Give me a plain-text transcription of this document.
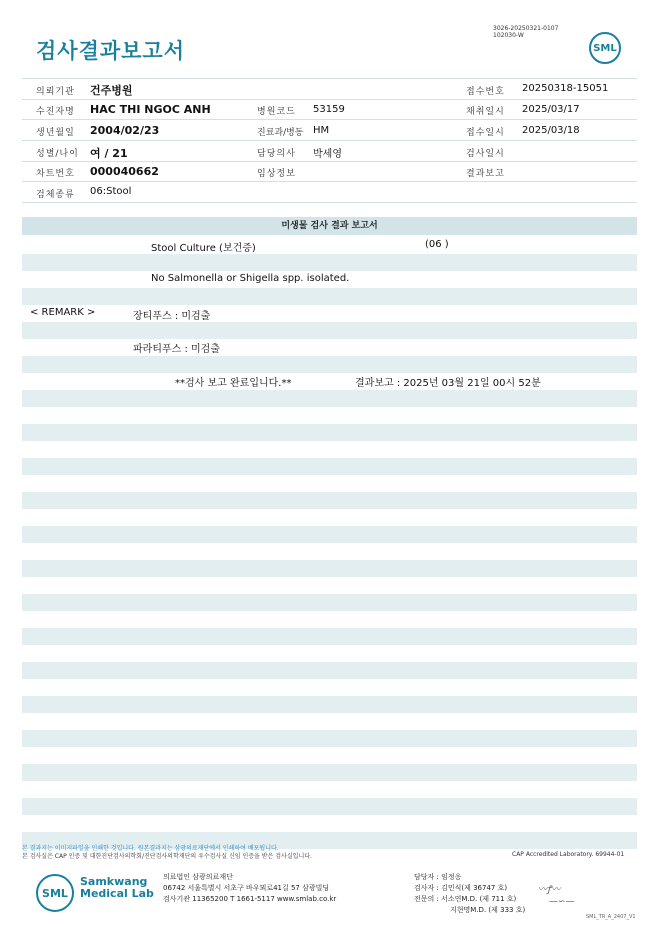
검사결과보고서
3026-20250321-0107
102030-W
SML
의뢰기관 건주병원	접수번호 20250318-15051
수진자명 HAC THI NGOC ANH	병원코드 53159	채취일시 2025/03/17
생년월일 2004/02/23	진료과/병동 HM	접수일시 2025/03/18
성별/나이 여 / 21	담당의사 박세영	검사일시
차트번호 000040662	임상정보	결과보고
검체종류 06:Stool
미생물 검사 결과 보고서
Stool Culture (보건증)	(06 )
No Salmonella or Shigella spp. isolated.
< REMARK >	장티푸스 : 미검출
파라티푸스 : 미검출
**검사 보고 완료입니다.**	결과보고 : 2025년 03월 21일 00시 52분
본 결과지는 이미지파일을 인쇄한 것입니다. 원본결과지는 삼광의료재단에서 인쇄하여 배포됩니다.
본 검사실은 CAP 인증 및 대한진단검사의학회/진단검사의학재단의 우수검사실 신임 인증을 받은 검사실입니다.	CAP Accredited Laboratory. 69944-01
SML
Samkwang
Medical Lab
의료법인 삼광의료재단
06742 서울특별시 서초구 바우뫼로41길 57 삼광빌딩
검사기관 11365200 T 1661-5117 www.smlab.co.kr
담당자 : 임정응
검사자 : 김민식(제 36747 호)
전문의 : 서소연M.D. (제 711 호)
지현명M.D. (제 333 호)
〰ꝭ〰
—∽—
SML_TR_A_2407_V1
